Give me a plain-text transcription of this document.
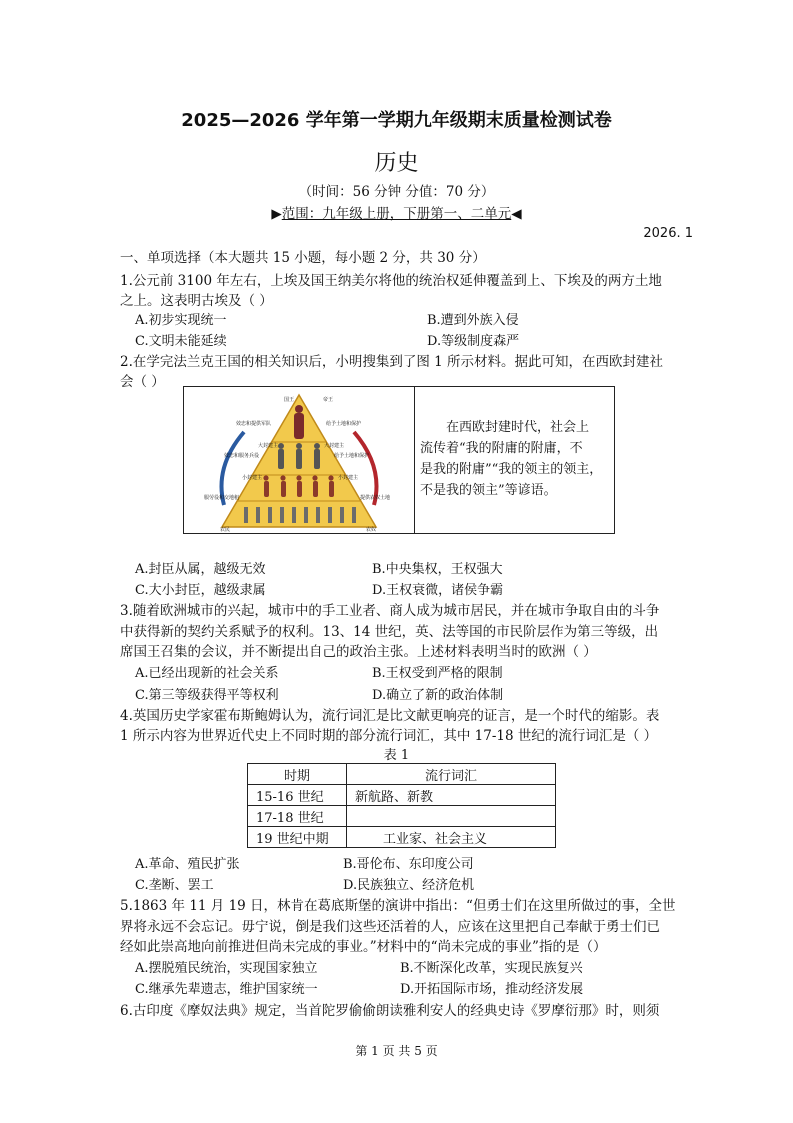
2025—2026 学年第一学期九年级期末质量检测试卷
历史
（时间：56 分钟 分值：70 分）
▶范围：九年级上册，下册第一、二单元◀
2026. 1
一、单项选择（本大题共 15 小题，每小题 2 分，共 30 分）
1.公元前 3100 年左右，上埃及国王纳美尔将他的统治权延伸覆盖到上、下埃及的两方土地
之上。这表明古埃及（ ）
A.初步实现统一	B.遭到外族入侵
C.文明未能延续	D.等级制度森严
2.在学完法兰克王国的相关知识后，小明搜集到了图 1 所示材料。据此可知，在西欧封建社
会（ ）
国王	帝王
效忠和提供军队	给予土地和保护
大封建主	大封建主
效忠和服务兵役	给予土地和保护
小封建主	小封建主
服劳役和交地租	提供农奴土地
农民	农奴
在西欧封建时代，社会上
流传着“我的附庸的附庸，不
是我的附庸”“我的领主的领主，
不是我的领主”等谚语。
A.封臣从属，越级无效	B.中央集权，王权强大
C.大小封臣，越级隶属	D.王权衰微，诸侯争霸
3.随着欧洲城市的兴起，城市中的手工业者、商人成为城市居民，并在城市争取自由的斗争
中获得新的契约关系赋予的权利。13、14 世纪，英、法等国的市民阶层作为第三等级，出
席国王召集的会议，并不断提出自己的政治主张。上述材料表明当时的欧洲（ ）
A.已经出现新的社会关系	B.王权受到严格的限制
C.第三等级获得平等权利	D.确立了新的政治体制
4.英国历史学家霍布斯鲍姆认为，流行词汇是比文献更响亮的证言，是一个时代的缩影。表
1 所示内容为世界近代史上不同时期的部分流行词汇，其中 17-18 世纪的流行词汇是（ ）
表 1
时期	流行词汇
15-16 世纪	新航路、新教
17-18 世纪	
19 世纪中期	工业家、社会主义
A.革命、殖民扩张	B.哥伦布、东印度公司
C.垄断、罢工	D.民族独立、经济危机
5.1863 年 11 月 19 日，林肯在葛底斯堡的演讲中指出：“但勇士们在这里所做过的事，全世
界将永远不会忘记。毋宁说，倒是我们这些还活着的人，应该在这里把自己奉献于勇士们已
经如此崇高地向前推进但尚未完成的事业。”材料中的“尚未完成的事业”指的是（）
A.摆脱殖民统治，实现国家独立	B.不断深化改革，实现民族复兴
C.继承先辈遗志，维护国家统一	D.开拓国际市场，推动经济发展
6.古印度《摩奴法典》规定，当首陀罗偷偷朗读雅利安人的经典史诗《罗摩衍那》时，则须
第 1 页 共 5 页
